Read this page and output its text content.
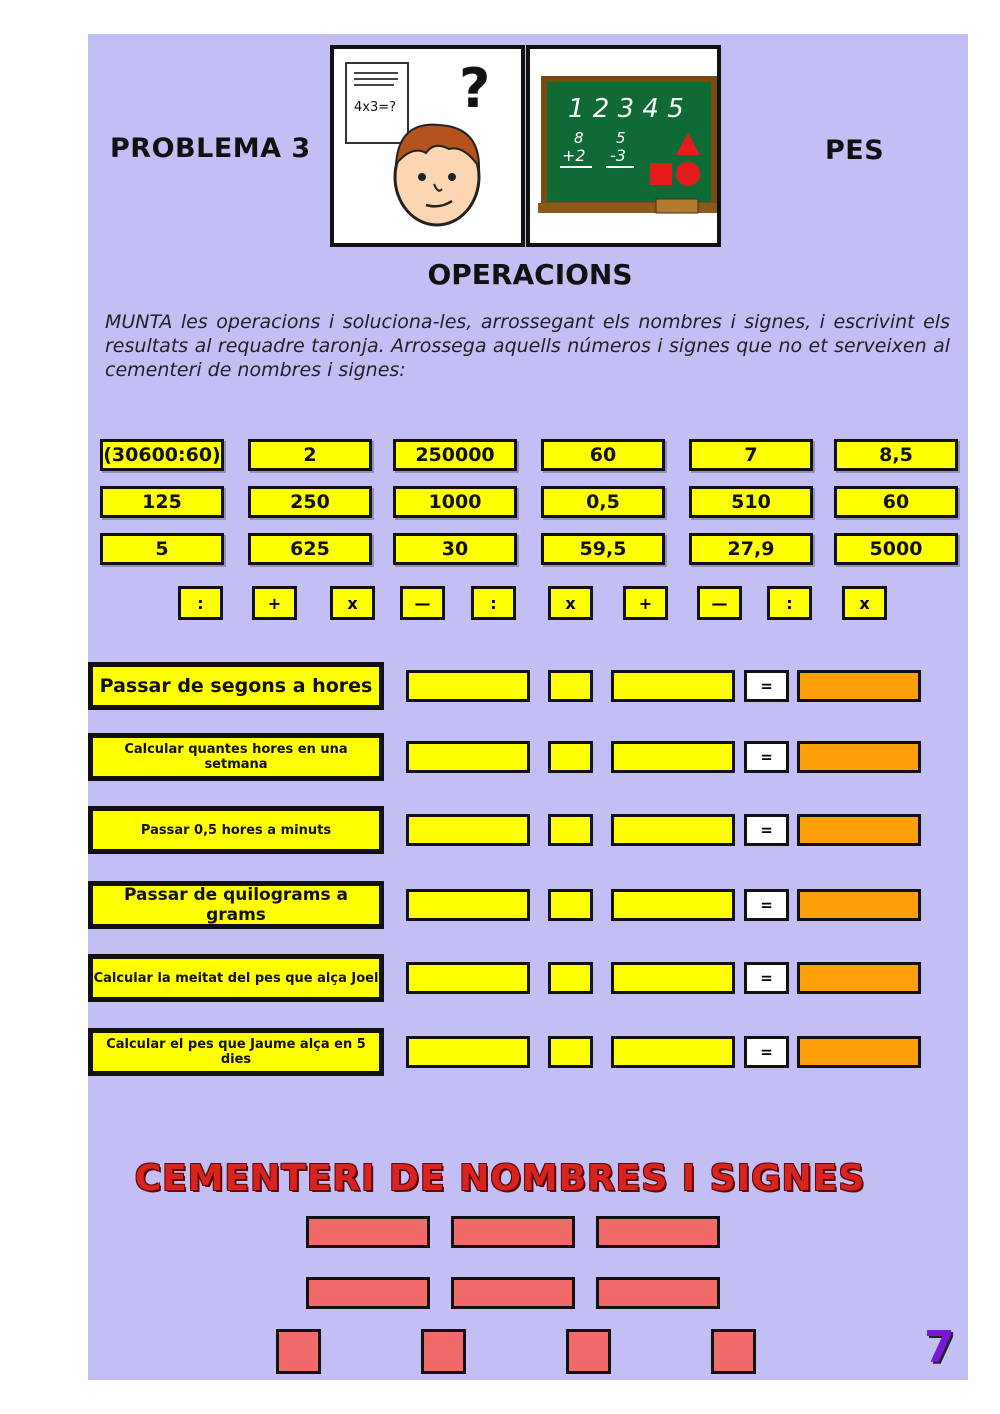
PROBLEMA 3	PES
4x3=? ?	1 2 3 4 5
8
+2
5
-3
OPERACIONS
MUNTA les operacions i soluciona-les, arrossegant els nombres i signes, i escrivint els resultats al requadre taronja. Arrossega aquells números i signes que no et serveixen al cementeri de nombres i signes:
(30600:60)	2	250000	60	7	8,5
125	250	1000	0,5	510	60
5	625	30	59,5	27,9	5000
:	+	x	—	:	x	+	—	:	x
Passar de segons a hores	=
Calcular quantes hores en una setmana	=
Passar 0,5 hores a minuts	=
Passar de quilograms a grams	=
Calcular la meitat del pes que alça Joel	=
Calcular el pes que Jaume alça en 5 dies	=
CEMENTERI DE NOMBRES I SIGNES
7
